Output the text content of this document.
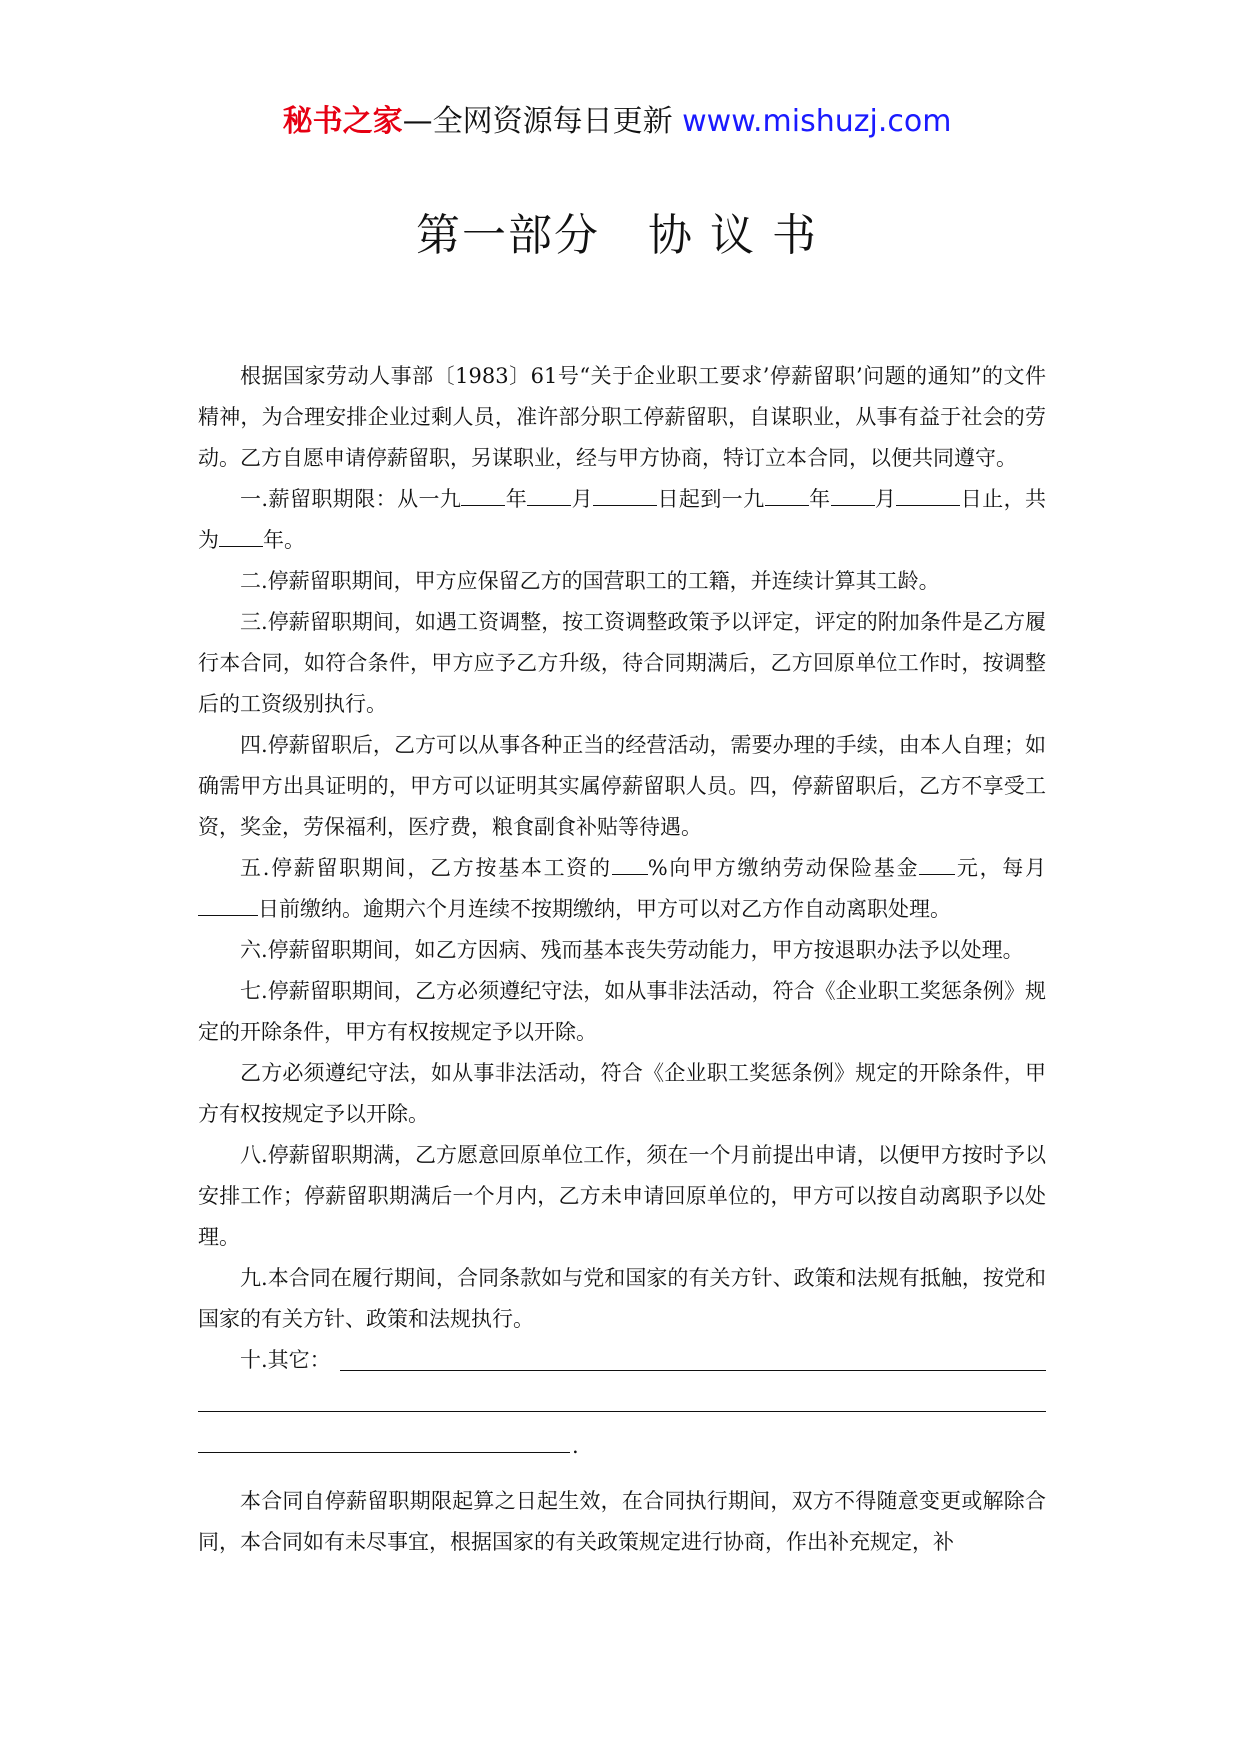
秘书之家—全网资源每日更新 www.mishuzj.com
第一部分   协 议 书

根据国家劳动人事部〔1983〕61号“关于企业职工要求’停薪留职’问题的通知”的文件精神，为合理安排企业过剩人员，准许部分职工停薪留职，自谋职业，从事有益于社会的劳动。乙方自愿申请停薪留职，另谋职业，经与甲方协商，特订立本合同，以便共同遵守。

一.薪留职期限：从一九 年 月	日起到一九 年 月	日止，共为 年。

二.停薪留职期间，甲方应保留乙方的国营职工的工籍，并连续计算其工龄。

三.停薪留职期间，如遇工资调整，按工资调整政策予以评定，评定的附加条件是乙方履行本合同，如符合条件，甲方应予乙方升级，待合同期满后，乙方回原单位工作时，按调整后的工资级别执行。

四.停薪留职后，乙方可以从事各种正当的经营活动，需要办理的手续，由本人自理；如确需甲方出具证明的，甲方可以证明其实属停薪留职人员。四，停薪留职后，乙方不享受工资，奖金，劳保福利，医疗费，粮食副食补贴等待遇。

五.停薪留职期间，乙方按基本工资的 %向甲方缴纳劳动保险基金 元，每月日前缴纳。逾期六个月连续不按期缴纳，甲方可以对乙方作自动离职处理。

六.停薪留职期间，如乙方因病、残而基本丧失劳动能力，甲方按退职办法予以处理。

七.停薪留职期间，乙方必须遵纪守法，如从事非法活动，符合《企业职工奖惩条例》规定的开除条件，甲方有权按规定予以开除。

乙方必须遵纪守法，如从事非法活动，符合《企业职工奖惩条例》规定的开除条件，甲方有权按规定予以开除。

八.停薪留职期满，乙方愿意回原单位工作，须在一个月前提出申请，以便甲方按时予以安排工作；停薪留职期满后一个月内，乙方未申请回原单位的，甲方可以按自动离职予以处理。

九.本合同在履行期间，合同条款如与党和国家的有关方针、政策和法规有抵触，按党和国家的有关方针、政策和法规执行。

十.其它：
.

本合同自停薪留职期限起算之日起生效，在合同执行期间，双方不得随意变更或解除合同，本合同如有未尽事宜，根据国家的有关政策规定进行协商，作出补充规定，补
